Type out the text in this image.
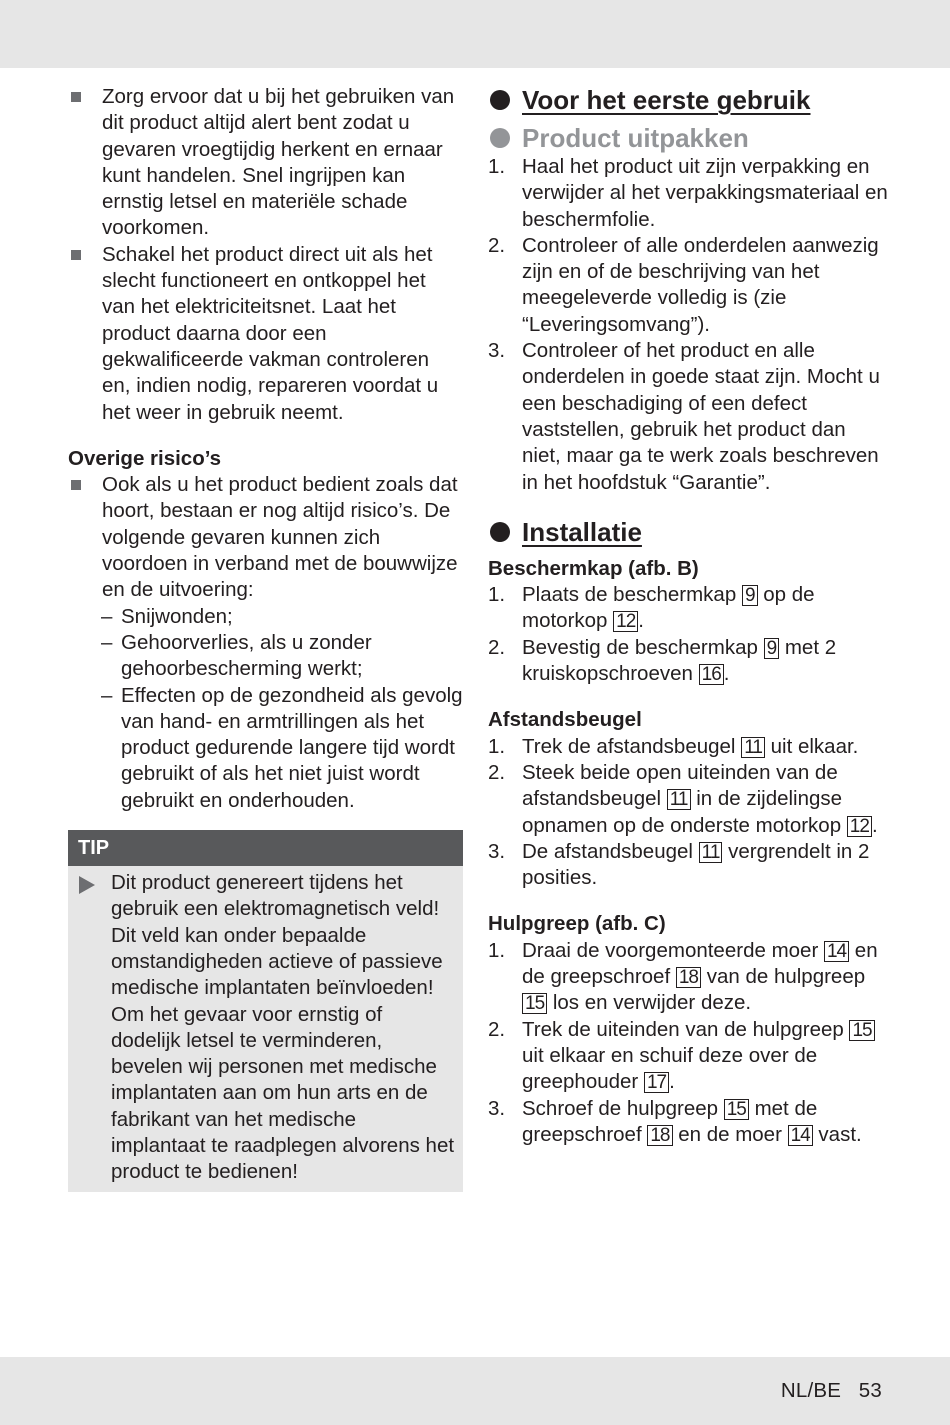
Zorg ervoor dat u bij het gebruiken van dit product altijd alert bent zodat u gevaren vroegtijdig herkent en ernaar kunt handelen. Snel ingrijpen kan ernstig letsel en materiële schade voorkomen.
Schakel het product direct uit als het slecht functioneert en ontkoppel het van het elektriciteitsnet. Laat het product daarna door een gekwalificeerde vakman controleren en, indien nodig, repareren voordat u het weer in gebruik neemt.
Overige risico’s
Ook als u het product bedient zoals dat hoort, bestaan er nog altijd risico’s. De volgende gevaren kunnen zich voordoen in verband met de bouwwijze en de uitvoering:
– Snijwonden;
– Gehoorverlies, als u zonder gehoorbescherming werkt;
– Effecten op de gezondheid als gevolg van hand- en armtrillingen als het product gedurende langere tijd wordt gebruikt of als het niet juist wordt gebruikt en onderhouden.
TIP
Dit product genereert tijdens het gebruik een elektromagnetisch veld! Dit veld kan onder bepaalde omstandigheden actieve of passieve medische implantaten beïnvloeden! Om het gevaar voor ernstig of dodelijk letsel te verminderen, bevelen wij personen met medische implantaten aan om hun arts en de fabrikant van het medische implantaat te raadplegen alvorens het product te bedienen!
Voor het eerste gebruik
Product uitpakken
1. Haal het product uit zijn verpakking en verwijder al het verpakkingsmateriaal en beschermfolie.
2. Controleer of alle onderdelen aanwezig zijn en of de beschrijving van het meegeleverde volledig is (zie “Leveringsomvang”).
3. Controleer of het product en alle onderdelen in goede staat zijn. Mocht u een beschadiging of een defect vaststellen, gebruik het product dan niet, maar ga te werk zoals beschreven in het hoofdstuk “Garantie”.
Installatie
Beschermkap (afb. B)
1. Plaats de beschermkap 9 op de motorkop 12 .
2. Bevestig de beschermkap 9 met 2 kruiskopschroeven 16 .
Afstandsbeugel
1. Trek de afstandsbeugel 11 uit elkaar.
2. Steek beide open uiteinden van de afstandsbeugel 11 in de zijdelingse opnamen op de onderste motorkop 12 .
3. De afstandsbeugel 11 vergrendelt in 2 posities.
Hulpgreep (afb. C)
1. Draai de voorgemonteerde moer 14 en de greepschroef 18 van de hulpgreep 15 los en verwijder deze.
2. Trek de uiteinden van de hulpgreep 15 uit elkaar en schuif deze over de greephouder 17 .
3. Schroef de hulpgreep 15 met de greepschroef 18 en de moer 14 vast.
NL/BE 53
